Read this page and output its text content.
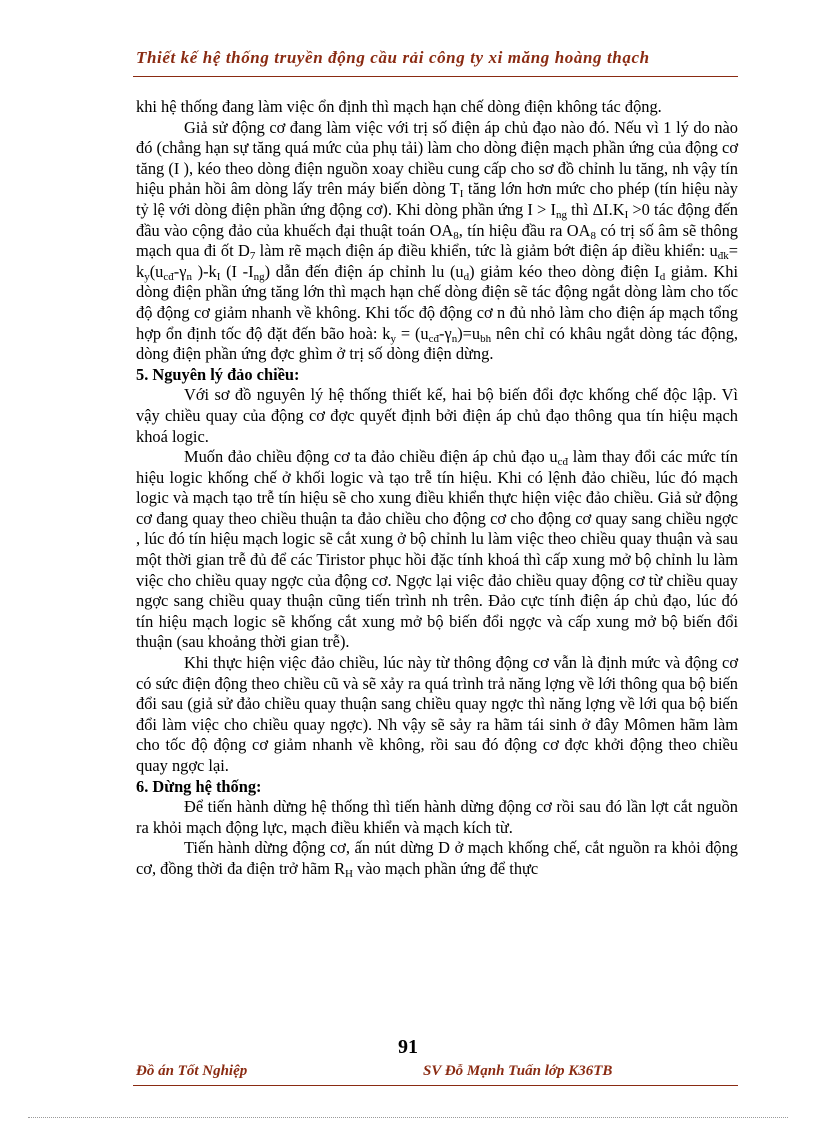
Thiết kế hệ thống truyền động cầu rải công ty xi măng hoàng thạch

khi hệ thống đang làm việc ổn định thì mạch hạn chế dòng điện không tác động.

Giả sử động cơ đang làm việc với trị số điện áp chủ đạo nào đó. Nếu vì 1 lý do nào đó (chẳng hạn sự tăng quá mức của phụ tải) làm cho dòng điện mạch phần ứng của động cơ tăng (I ), kéo theo dòng điện nguồn xoay chiều cung cấp cho sơ đồ chỉnh lu tăng, nh vậy tín hiệu phản hồi âm dòng lấy trên máy biến dòng $T_I$ tăng lớn hơn mức cho phép (tín hiệu này tỷ lệ với dòng điện phần ứng động cơ). Khi dòng phần ứng $I > I_{ng}$ thì $\Delta I.K_I >0$ tác động đến đầu vào cộng đảo của khuếch đại thuật toán $OA_8$, tín hiệu đầu ra $OA_8$ có trị số âm sẽ thông mạch qua đi ốt $D_7$ làm rẽ mạch điện áp điều khiển, tức là giảm bớt điện áp điều khiển: $u_{đk}= k_y(u_{cđ}-\gamma_n$ )$-k_I$ (I $-I_{ng}$) dẫn đến điện áp chỉnh lu $(u_d)$ giảm kéo theo dòng điện $I_d$ giảm. Khi dòng điện phần ứng tăng lớn thì mạch hạn chế dòng điện sẽ tác động ngắt dòng làm cho tốc độ động cơ giảm nhanh về không. Khi tốc độ động cơ n đủ nhỏ làm cho điện áp mạch tổng hợp ổn định tốc độ đặt đến bão hoà: $k_y = (u_{cđ}-\gamma_n)=u_{bh}$ nên chỉ có khâu ngắt dòng tác động, dòng điện phần ứng đợc ghìm ở trị số dòng điện dừng.

5. Nguyên lý đảo chiều:

Với sơ đồ nguyên lý hệ thống thiết kế, hai bộ biến đổi đợc khống chế độc lập. Vì vậy chiều quay của động cơ đợc quyết định bởi điện áp chủ đạo thông qua tín hiệu mạch khoá logic.

Muốn đảo chiều động cơ ta đảo chiều điện áp chủ đạo $u_{cđ}$ làm thay đổi các mức tín hiệu logic khống chế ở khối logic và tạo trễ tín hiệu. Khi có lệnh đảo chiều, lúc đó mạch logic và mạch tạo trễ tín hiệu sẽ cho xung điều khiển thực hiện việc đảo chiều. Giả sử động cơ đang quay theo chiều thuận ta đảo chiều cho động cơ cho động cơ quay sang chiều ngợc , lúc đó tín hiệu mạch logic sẽ cắt xung ở bộ chỉnh lu làm việc theo chiều quay thuận và sau một thời gian trễ đủ để các Tiristor phục hồi đặc tính khoá thì cấp xung mở bộ chỉnh lu làm việc cho chiều quay ngợc của động cơ. Ngợc lại việc đảo chiều quay động cơ từ chiều quay ngợc sang chiều quay thuận cũng tiến trình nh trên. Đảo cực tính điện áp chủ đạo, lúc đó tín hiệu mạch logic sẽ khống cắt xung mở bộ biến đổi ngợc và cấp xung mở bộ biến đổi thuận (sau khoảng thời gian trễ).

Khi thực hiện việc đảo chiều, lúc này từ thông động cơ vẫn là định mức và động cơ có sức điện động theo chiều cũ và sẽ xảy ra quá trình trả năng lợng về lới thông qua bộ biến đổi sau (giả sử đảo chiều quay thuận sang chiều quay ngợc thì năng lợng về lới qua bộ biến đổi làm việc cho chiều quay ngợc). Nh vậy sẽ sảy ra hãm tái sinh ở đây Mômen hãm làm cho tốc độ động cơ giảm nhanh về không, rồi sau đó động cơ đợc khởi động theo chiều quay ngợc lại.

6. Dừng hệ thống:

Để tiến hành dừng hệ thống thì tiến hành dừng động cơ rồi sau đó lần lợt cắt nguồn ra khỏi mạch động lực, mạch điều khiển và mạch kích từ.

Tiến hành dừng động cơ, ấn nút dừng D ở mạch khống chế, cắt nguồn ra khỏi động cơ, đồng thời đa điện trở hãm $R_H$ vào mạch phần ứng để thực

91
Đồ án Tốt Nghiệp	SV Đỗ Mạnh Tuấn lớp K36TB
